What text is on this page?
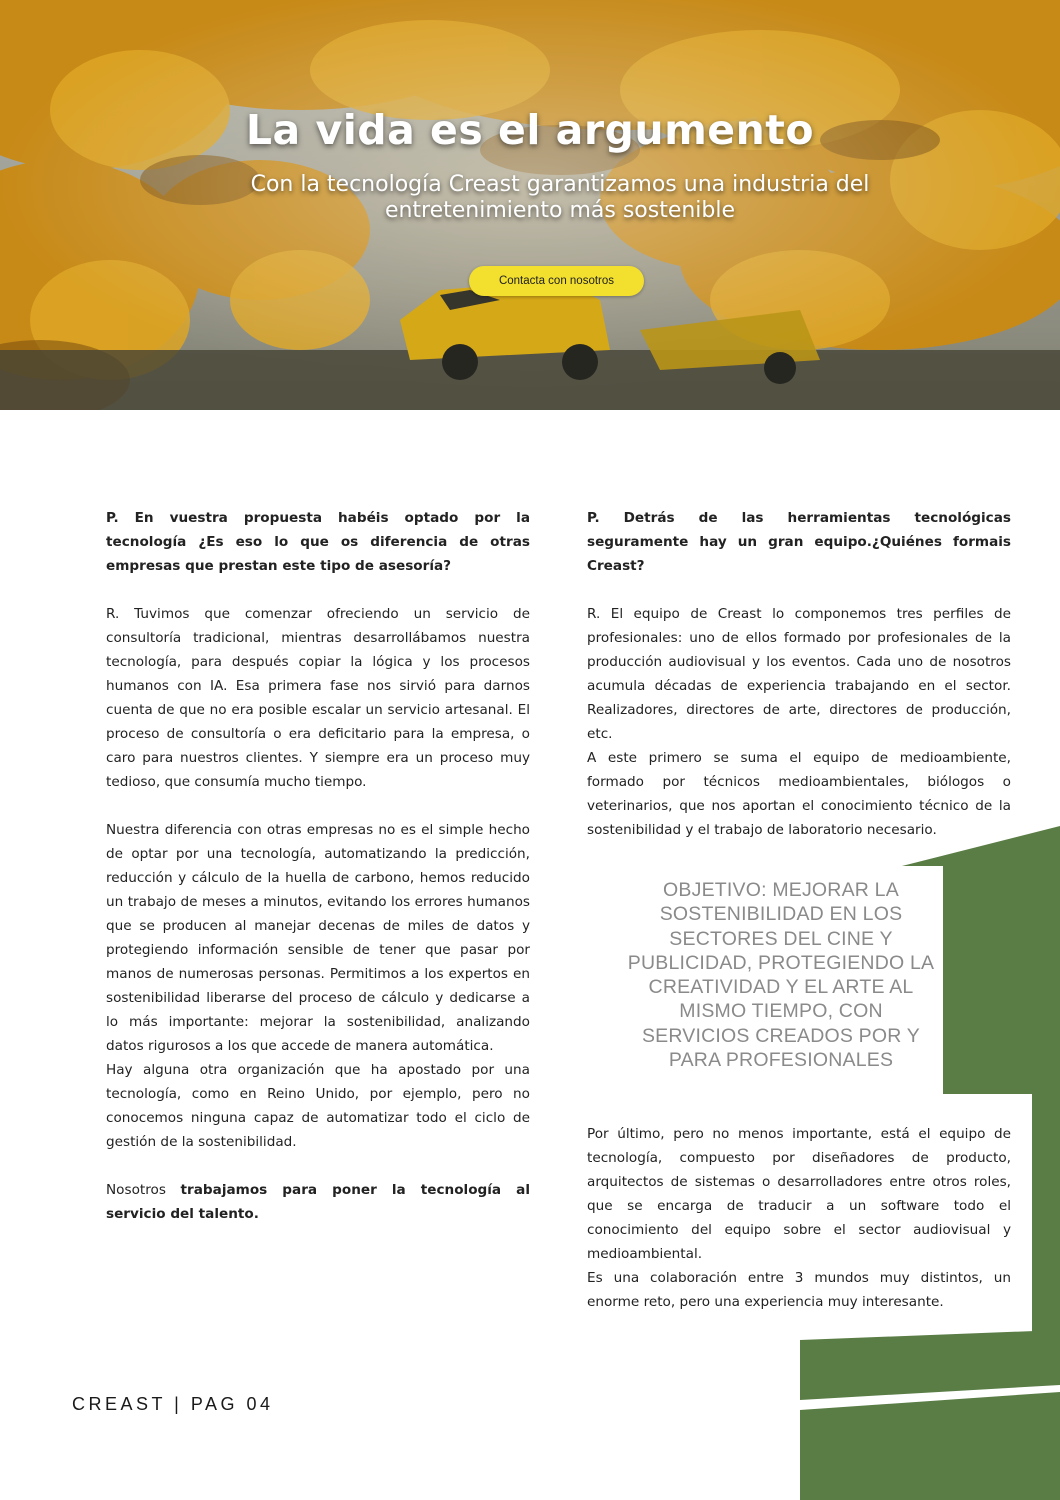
La vida es el argumento
Con la tecnología Creast garantizamos una industria del
entretenimiento más sostenible
Contacta con nosotros

P. En vuestra propuesta habéis optado por la tecnología ¿Es eso lo que os diferencia de otras empresas que prestan este tipo de asesoría?

R. Tuvimos que comenzar ofreciendo un servicio de consultoría tradicional, mientras desarrollábamos nuestra tecnología, para después copiar la lógica y los procesos humanos con IA. Esa primera fase nos sirvió para darnos cuenta de que no era posible escalar un servicio artesanal. El proceso de consultoría o era deficitario para la empresa, o caro para nuestros clientes. Y siempre era un proceso muy tedioso, que consumía mucho tiempo.

Nuestra diferencia con otras empresas no es el simple hecho de optar por una tecnología, automatizando la predicción, reducción y cálculo de la huella de carbono, hemos reducido un trabajo de meses a minutos, evitando los errores humanos que se producen al manejar decenas de miles de datos y protegiendo información sensible de tener que pasar por manos de numerosas personas. Permitimos a los expertos en sostenibilidad liberarse del proceso de cálculo y dedicarse a lo más importante: mejorar la sostenibilidad, analizando datos rigurosos a los que accede de manera automática.

Hay alguna otra organización que ha apostado por una tecnología, como en Reino Unido, por ejemplo, pero no conocemos ninguna capaz de automatizar todo el ciclo de gestión de la sostenibilidad.

Nosotros trabajamos para poner la tecnología al servicio del talento.

P. Detrás de las herramientas tecnológicas seguramente hay un gran equipo.¿Quiénes formais Creast?

R. El equipo de Creast lo componemos tres perfiles de profesionales: uno de ellos formado por profesionales de la producción audiovisual y los eventos. Cada uno de nosotros acumula décadas de experiencia trabajando en el sector. Realizadores, directores de arte, directores de producción, etc.

A este primero se suma el equipo de medioambiente, formado por técnicos medioambientales, biólogos o veterinarios, que nos aportan el conocimiento técnico de la sostenibilidad y el trabajo de laboratorio necesario.

OBJETIVO: MEJORAR LA SOSTENIBILIDAD EN LOS SECTORES DEL CINE Y PUBLICIDAD, PROTEGIENDO LA CREATIVIDAD Y EL ARTE AL MISMO TIEMPO, CON SERVICIOS CREADOS POR Y PARA PROFESIONALES

Por último, pero no menos importante, está el equipo de tecnología, compuesto por diseñadores de producto, arquitectos de sistemas o desarrolladores entre otros roles, que se encarga de traducir a un software todo el conocimiento del equipo sobre el sector audiovisual y medioambiental.

Es una colaboración entre 3 mundos muy distintos, un enorme reto, pero una experiencia muy interesante.

CREAST | PAG 04
